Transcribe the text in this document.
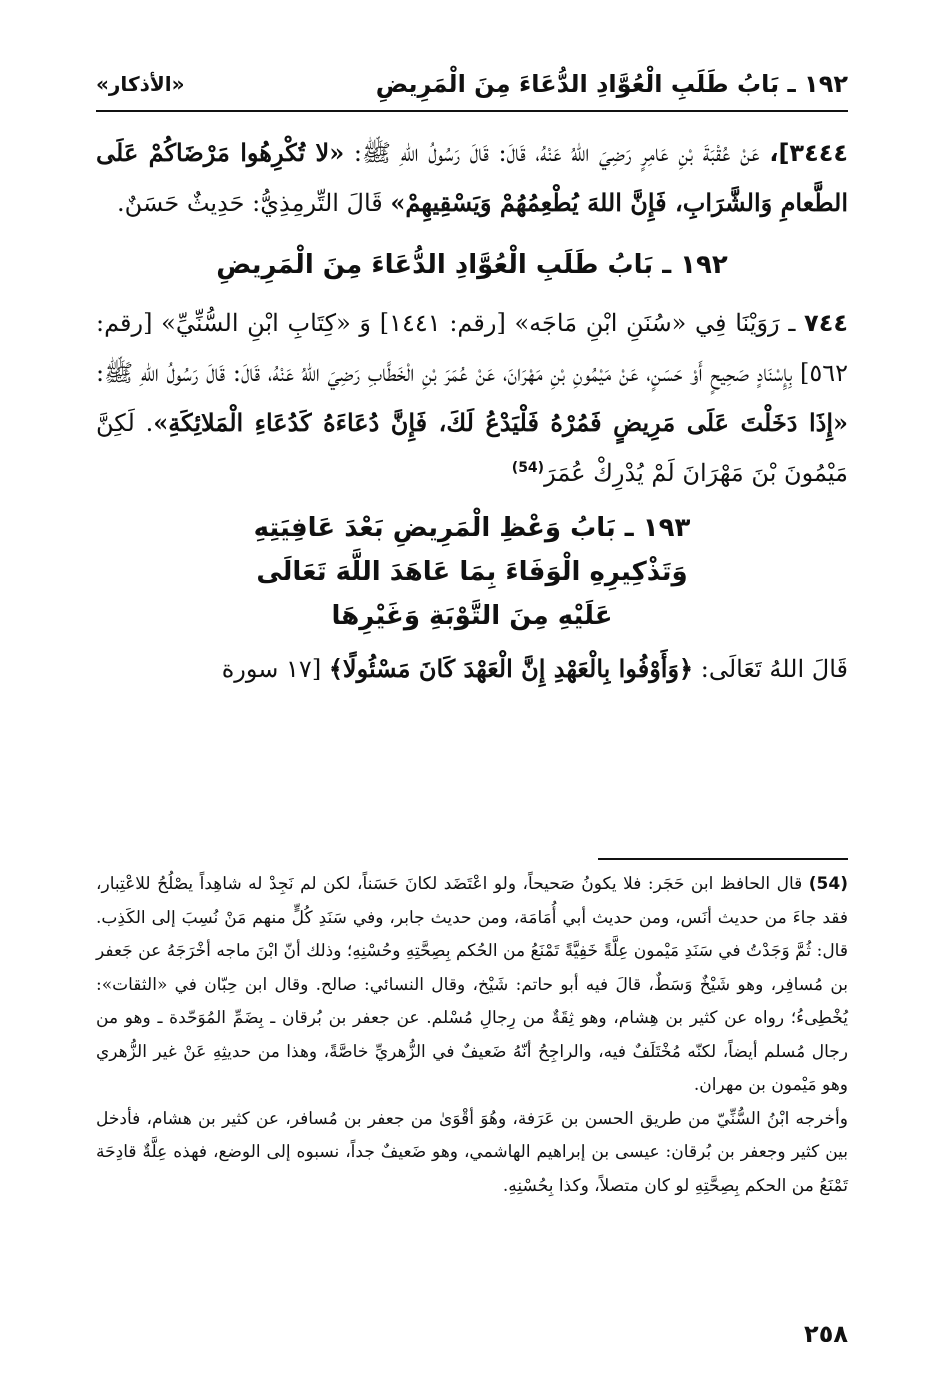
١٩٢ ـ بَابُ طَلَبِ الْعُوَّادِ الدُّعَاءَ مِنَ الْمَرِيضِ
«الأذكار»

٣٤٤٤]، عَنْ عُقْبَةَ بْنِ عَامِرٍ رَضِيَ اللهُ عَنْهُ، قَالَ: قَالَ رَسُولُ اللهِ ﷺ: «لا تُكْرِهُوا مَرْضَاكُمْ عَلَى الطَّعامِ وَالشَّرَابِ، فَإِنَّ اللهَ يُطْعِمُهُمْ وَيَسْقِيهِمْ» قَالَ التِّرمِذِيُّ: حَدِيثٌ حَسَنٌ.

١٩٢ ـ بَابُ طَلَبِ الْعُوَّادِ الدُّعَاءَ مِنَ الْمَرِيضِ

٧٤٤ ـ رَوَيْنَا فِي «سُنَنِ ابْنِ مَاجَه» [رقم: ١٤٤١] وَ «كِتَابِ ابْنِ السُّنِّيِّ» [رقم: ٥٦٢] بِإِسْنَادٍ صَحِيحٍ أَوْ حَسَنٍ، عَنْ مَيْمُونِ بْنِ مَهْرَانَ، عَنْ عُمَرَ بْنِ الْخَطَّابِ رَضِيَ اللهُ عَنْهُ، قَالَ: قَالَ رَسُولُ اللهِ ﷺ: «إِذَا دَخَلْتَ عَلَى مَرِيضٍ فَمُرْهُ فَلْيَدْعُ لَكَ، فَإِنَّ دُعَاءَهُ كَدُعَاءِ الْمَلائِكَةِ». لَكِنَّ مَيْمُونَ بْنَ مَهْرَانَ لَمْ يُدْرِكْ عُمَرَ$^{(54)}$

١٩٣ ـ بَابُ وَعْظِ الْمَرِيضِ بَعْدَ عَافِيَتِهِ
وَتَذْكِيرِهِ الْوَفَاءَ بِمَا عَاهَدَ اللَّهَ تَعَالَى
عَلَيْهِ مِنَ التَّوْبَةِ وَغَيْرِهَا

قَالَ اللهُ تَعَالَى: ﴿وَأَوْفُوا بِالْعَهْدِ إِنَّ الْعَهْدَ كَانَ مَسْئُولًا﴾ [١٧ سورة

(54) قال الحافظ ابن حَجَر: فلا يكونُ صَحيحاً، ولو اعْتَضَد لكانَ حَسَناً، لكن لم نَجِدْ له شاهِداً يصْلُحُ للاعْتِبار، فقد جاءَ من حديث أنَس، ومن حديث أبي أُمَامَة، ومن حديث جابر، وفي سَنَدِ كُلٍّ منهم مَنْ نُسِبَ إلى الكَذِب. قال: ثُمَّ وَجَدْتُ في سَنَدِ مَيْمون عِلَّةً خَفِيَّةً تَمْنَعُ من الحُكم بِصِحَّتِهِ وحُسْنِهِ؛ وذلك أنّ ابْنَ ماجه أخْرَجَهُ عن جَعفر بن مُسافِر، وهو شَيْخٌ وَسَطٌ، قالَ فيه أبو حاتم: شَيْخ، وقال النسائي: صالح. وقال ابن حِبّان في «الثقات»: يُخْطِىءُ؛ رواه عن كثير بن هِشام، وهو ثِقَةٌ من رِجالِ مُسْلم. عن جعفر بن بُرقان ـ بِضَمِّ المُوَحّدة ـ وهو من رجال مُسلم أيضاً، لكنّه مُخْتَلَفٌ فيه، والراجِحُ أنّهُ ضَعيفٌ في الزُّهريِّ خاصَّةً، وهذا من حديثِهِ عَنْ غير الزُّهري وهو مَيْمون بن مهران.

وأخرجه ابْنُ السُّنِّيّ من طريق الحسن بن عَرَفة، وهُوَ أقْوَىٰ من جعفر بن مُسافر، عن كثير بن هشام، فأدخل بين كثير وجعفر بن بُرقان: عيسى بن إبراهيم الهاشمي، وهو ضَعيفٌ جداً، نسبوه إلى الوضع، فهذه عِلَّةٌ قادِحَة تَمْنَعُ من الحكم بِصِحَّتِهِ لو كان متصلاً، وكذا بِحُسْنِهِ.

٢٥٨
